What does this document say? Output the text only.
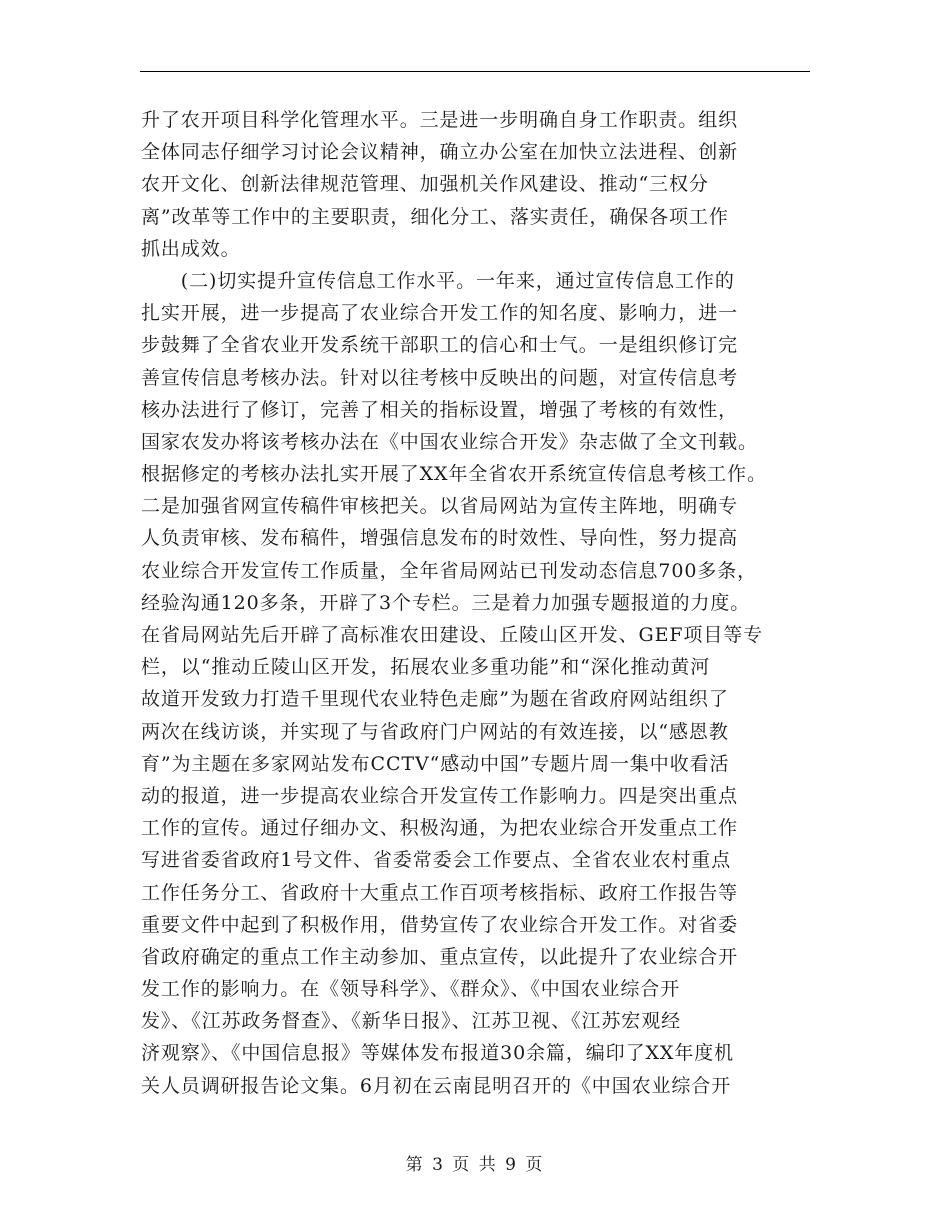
升了农开项目科学化管理水平。三是进一步明确自身工作职责。组织
全体同志仔细学习讨论会议精神，确立办公室在加快立法进程、创新
农开文化、创新法律规范管理、加强机关作风建设、推动“三权分
离”改革等工作中的主要职责，细化分工、落实责任，确保各项工作
抓出成效。
　　(二)切实提升宣传信息工作水平。一年来，通过宣传信息工作的
扎实开展，进一步提高了农业综合开发工作的知名度、影响力，进一
步鼓舞了全省农业开发系统干部职工的信心和士气。一是组织修订完
善宣传信息考核办法。针对以往考核中反映出的问题，对宣传信息考
核办法进行了修订，完善了相关的指标设置，增强了考核的有效性，
国家农发办将该考核办法在《中国农业综合开发》杂志做了全文刊载。
根据修定的考核办法扎实开展了XX年全省农开系统宣传信息考核工作。
二是加强省网宣传稿件审核把关。以省局网站为宣传主阵地，明确专
人负责审核、发布稿件，增强信息发布的时效性、导向性，努力提高
农业综合开发宣传工作质量，全年省局网站已刊发动态信息700多条，
经验沟通120多条，开辟了3个专栏。三是着力加强专题报道的力度。
在省局网站先后开辟了高标准农田建设、丘陵山区开发、GEF项目等专
栏，以“推动丘陵山区开发，拓展农业多重功能”和“深化推动黄河
故道开发致力打造千里现代农业特色走廊”为题在省政府网站组织了
两次在线访谈，并实现了与省政府门户网站的有效连接，以“感恩教
育”为主题在多家网站发布CCTV“感动中国”专题片周一集中收看活
动的报道，进一步提高农业综合开发宣传工作影响力。四是突出重点
工作的宣传。通过仔细办文、积极沟通，为把农业综合开发重点工作
写进省委省政府1号文件、省委常委会工作要点、全省农业农村重点
工作任务分工、省政府十大重点工作百项考核指标、政府工作报告等
重要文件中起到了积极作用，借势宣传了农业综合开发工作。对省委
省政府确定的重点工作主动参加、重点宣传，以此提升了农业综合开
发工作的影响力。在《领导科学》、《群众》、《中国农业综合开
发》、《江苏政务督查》、《新华日报》、江苏卫视、《江苏宏观经
济观察》、《中国信息报》等媒体发布报道30余篇，编印了XX年度机
关人员调研报告论文集。6月初在云南昆明召开的《中国农业综合开
第 3 页 共 9 页
